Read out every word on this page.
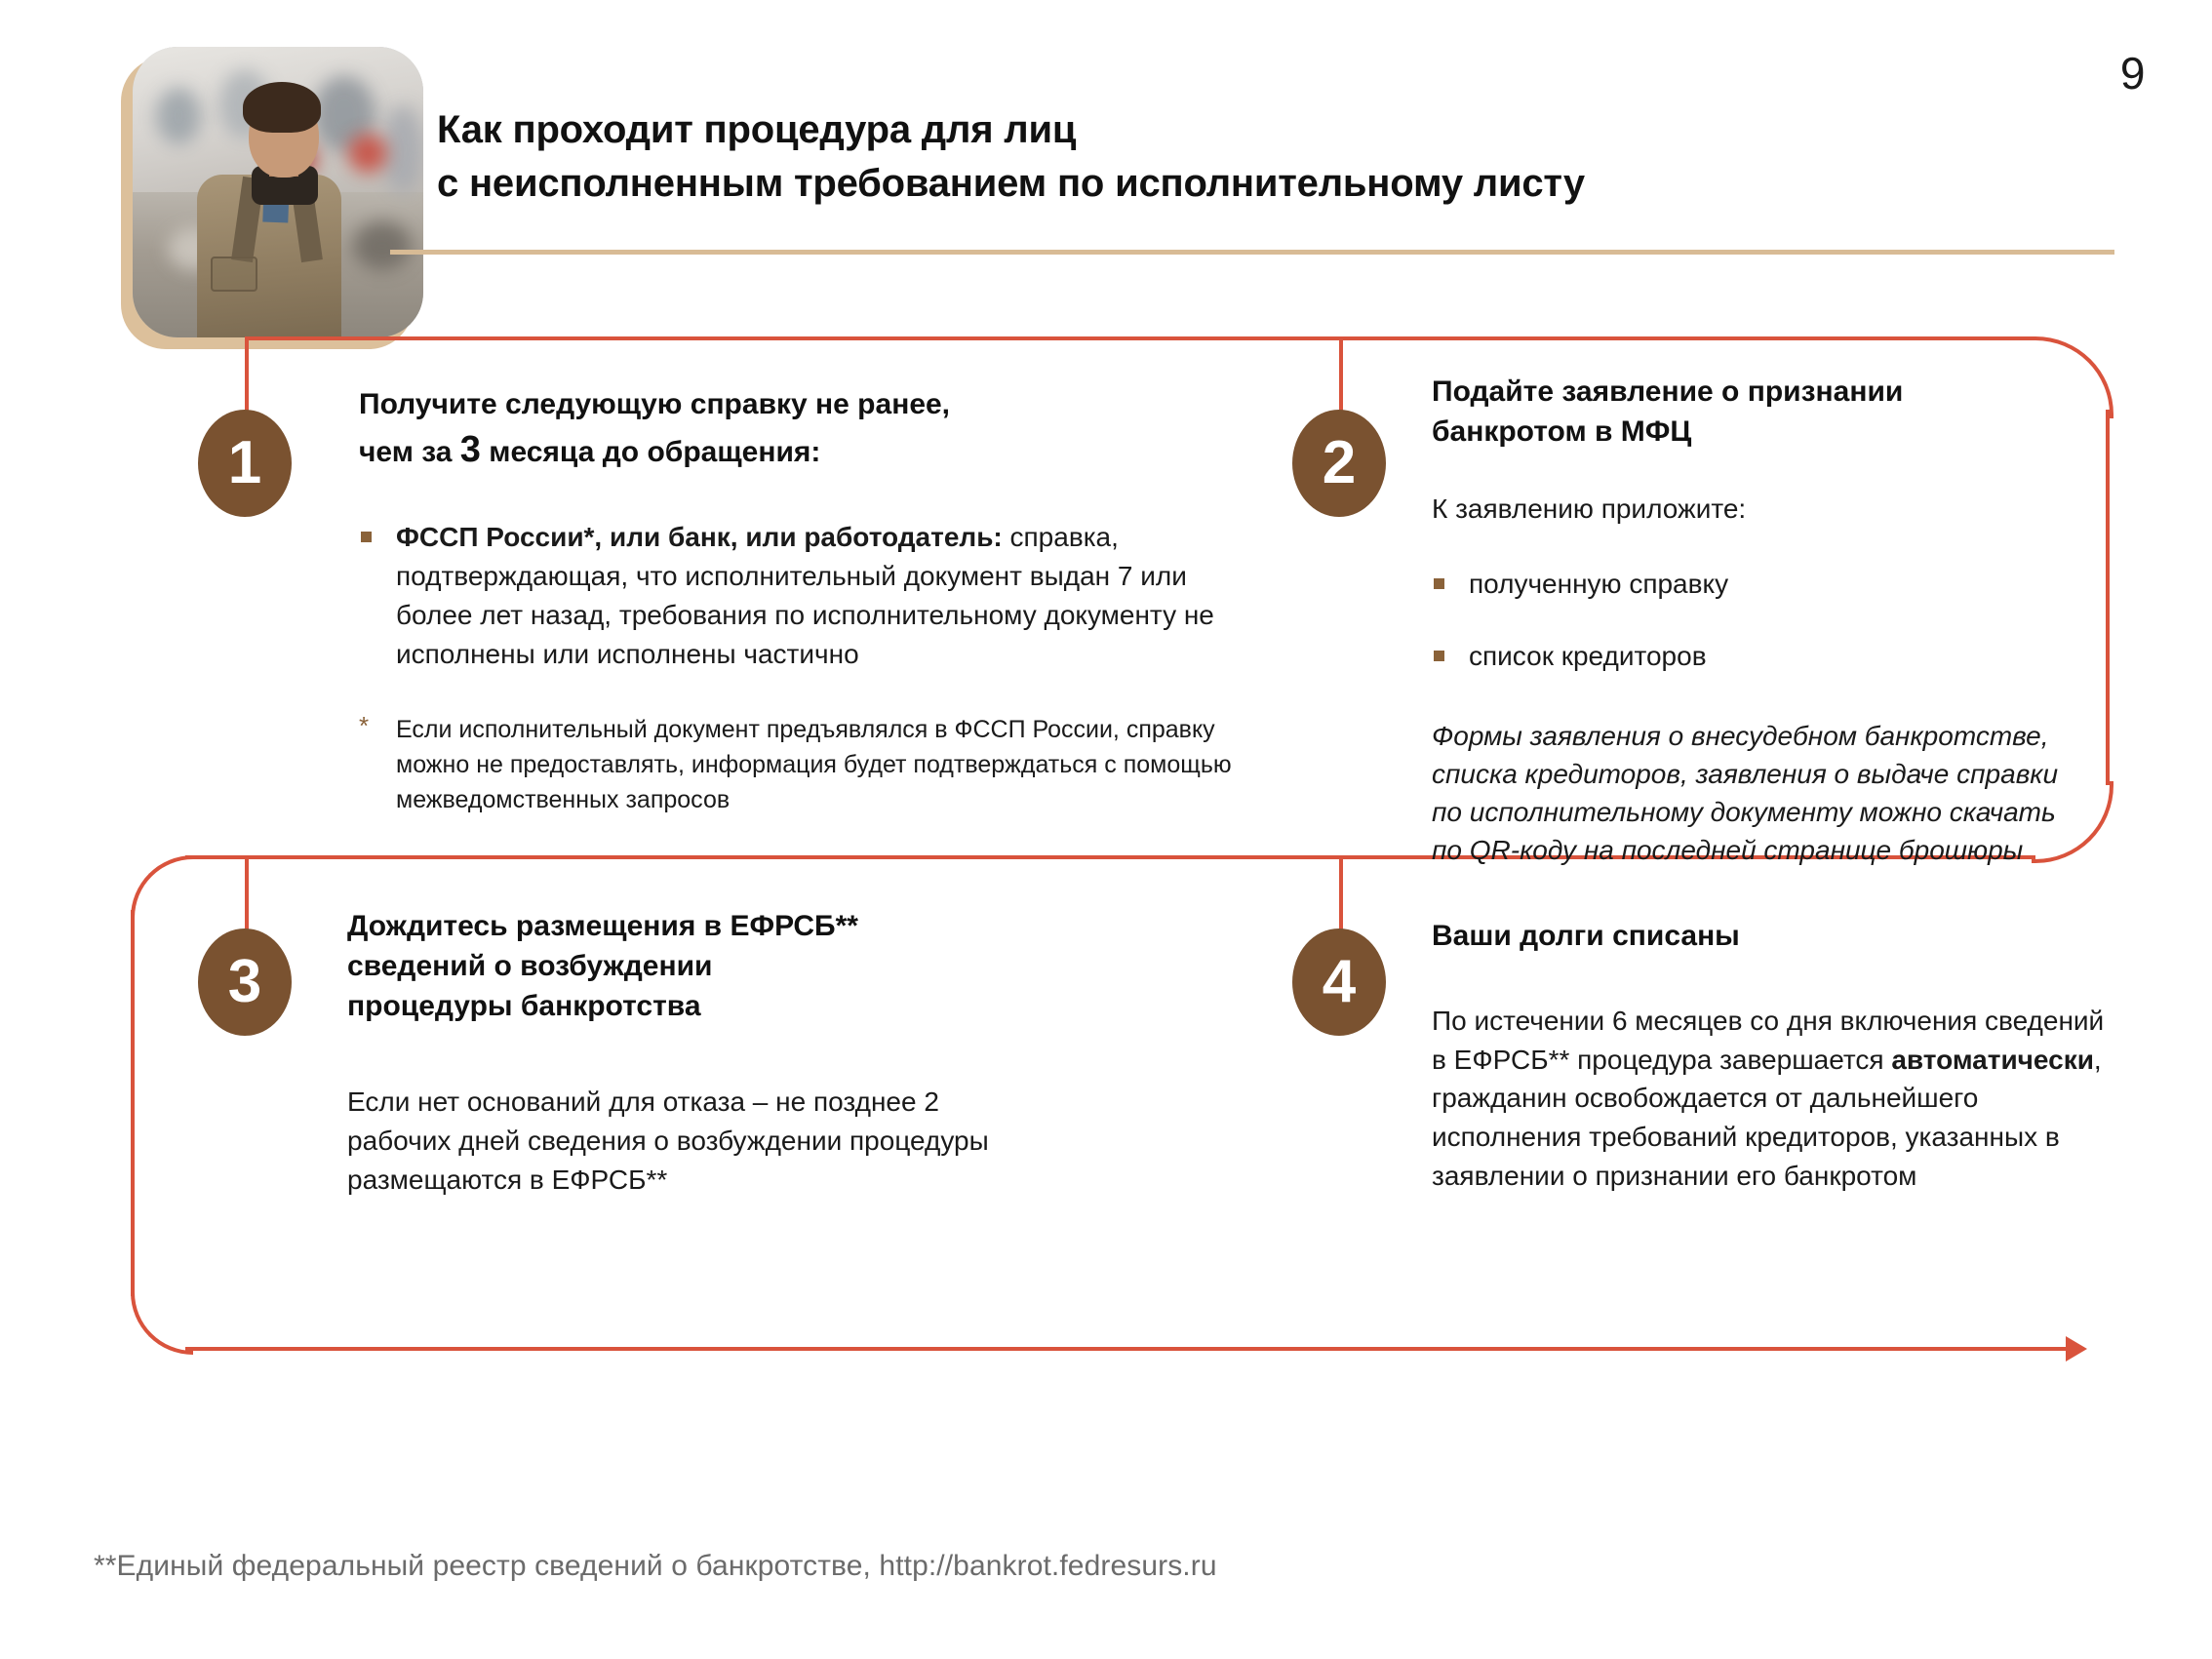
9
Как проходит процедура для лиц
с неисполненным требованием по исполнительному листу
1
Получите следующую справку не ранее,
чем за 3 месяца до обращения:
ФССП России*, или банк, или работодатель: справка, подтверждающая, что исполнительный документ выдан 7 или более лет назад, требования по исполнительному документу не исполнены или исполнены частично
* Если исполнительный документ предъявлялся в ФССП России, справку можно не предоставлять, информация будет подтверждаться с помощью межведомственных запросов
2
Подайте заявление о признании
банкротом в МФЦ

К заявлению приложите:

полученную справку
список кредиторов

Формы заявления о внесудебном банкротстве, списка кредиторов, заявления о выдаче справки по исполнительному документу можно скачать по QR-коду на последней странице брошюры

3
Дождитесь размещения в ЕФРСБ**
сведений о возбуждении
процедуры банкротства

Если нет оснований для отказа – не позднее 2 рабочих дней сведения о возбуждении процедуры размещаются в ЕФРСБ**

4
Ваши долги списаны

По истечении 6 месяцев со дня включения сведений в ЕФРСБ** процедура завершается автоматически, гражданин освобождается от дальнейшего исполнения требований кредиторов, указанных в заявлении о признании его банкротом

**Единый федеральный реестр сведений о банкротстве, http://bankrot.fedresurs.ru
